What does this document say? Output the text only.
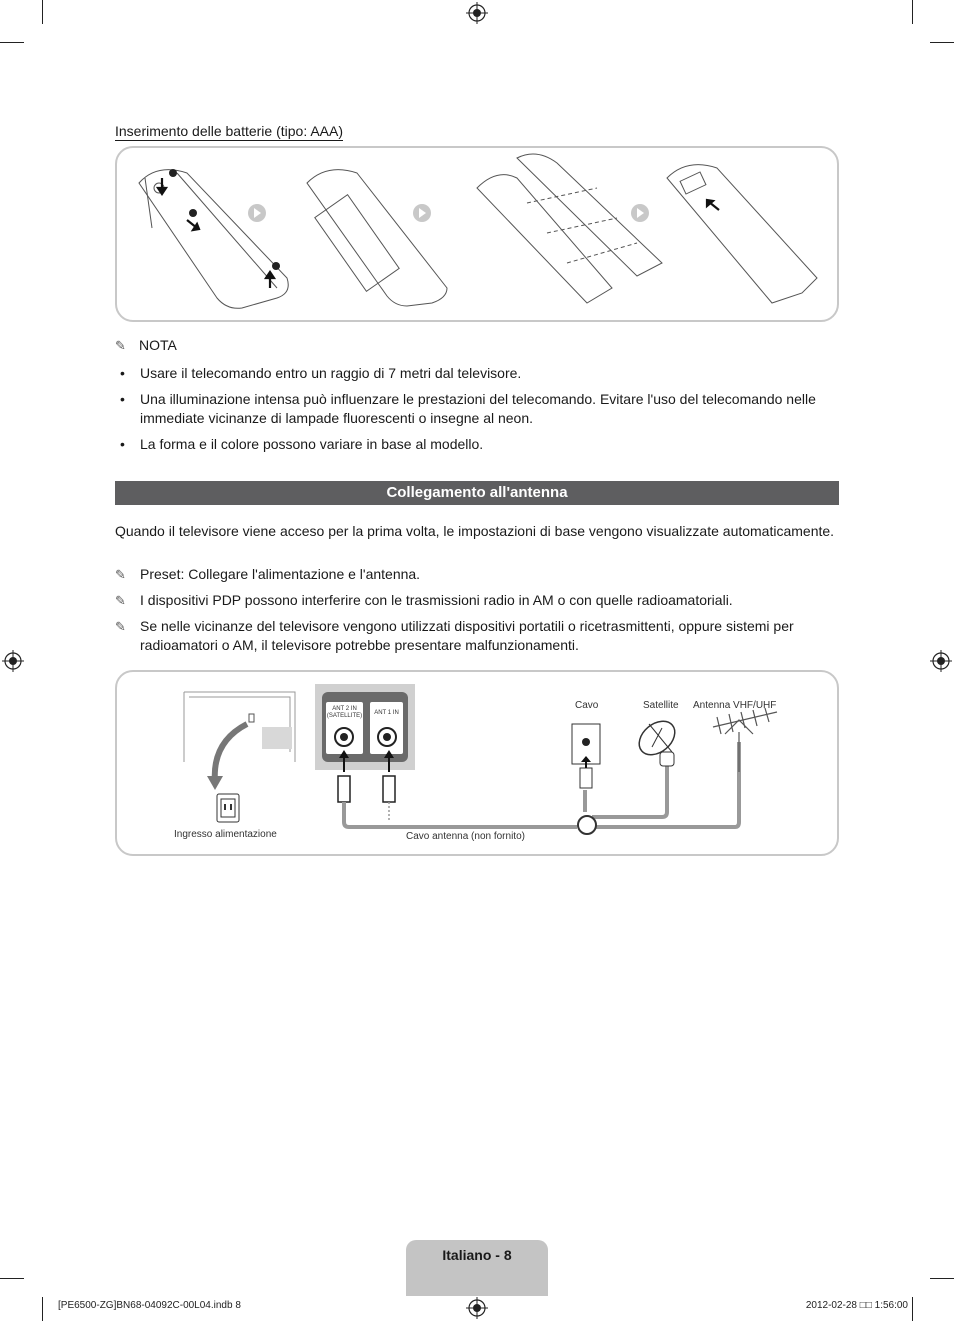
Inserimento delle batterie (tipo: AAA)
✎ NOTA
• Usare il telecomando entro un raggio di 7 metri dal televisore.
• Una illuminazione intensa può influenzare le prestazioni del telecomando. Evitare l'uso del telecomando nelle immediate vicinanze di lampade fluorescenti o insegne al neon.
• La forma e il colore possono variare in base al modello.
Collegamento all'antenna
Quando il televisore viene acceso per la prima volta, le impostazioni di base vengono visualizzate automaticamente.
✎	Preset: Collegare l'alimentazione e l'antenna.
✎	I dispositivi PDP possono interferire con le trasmissioni radio in AM o con quelle radioamatoriali.
✎	Se nelle vicinanze del televisore vengono utilizzati dispositivi portatili o ricetrasmittenti, oppure sistemi per radioamatori o AM, il televisore potrebbe presentare malfunzionamenti.
ANT 2 IN (SATELLITE)	ANT 1 IN
Cavo	Satellite Antenna VHF/UHF
Ingresso alimentazione	Cavo antenna (non fornito)
Italiano - 8
[PE6500-ZG]BN68-04092C-00L04.indb 8	2012-02-28 □□ 1:56:00
